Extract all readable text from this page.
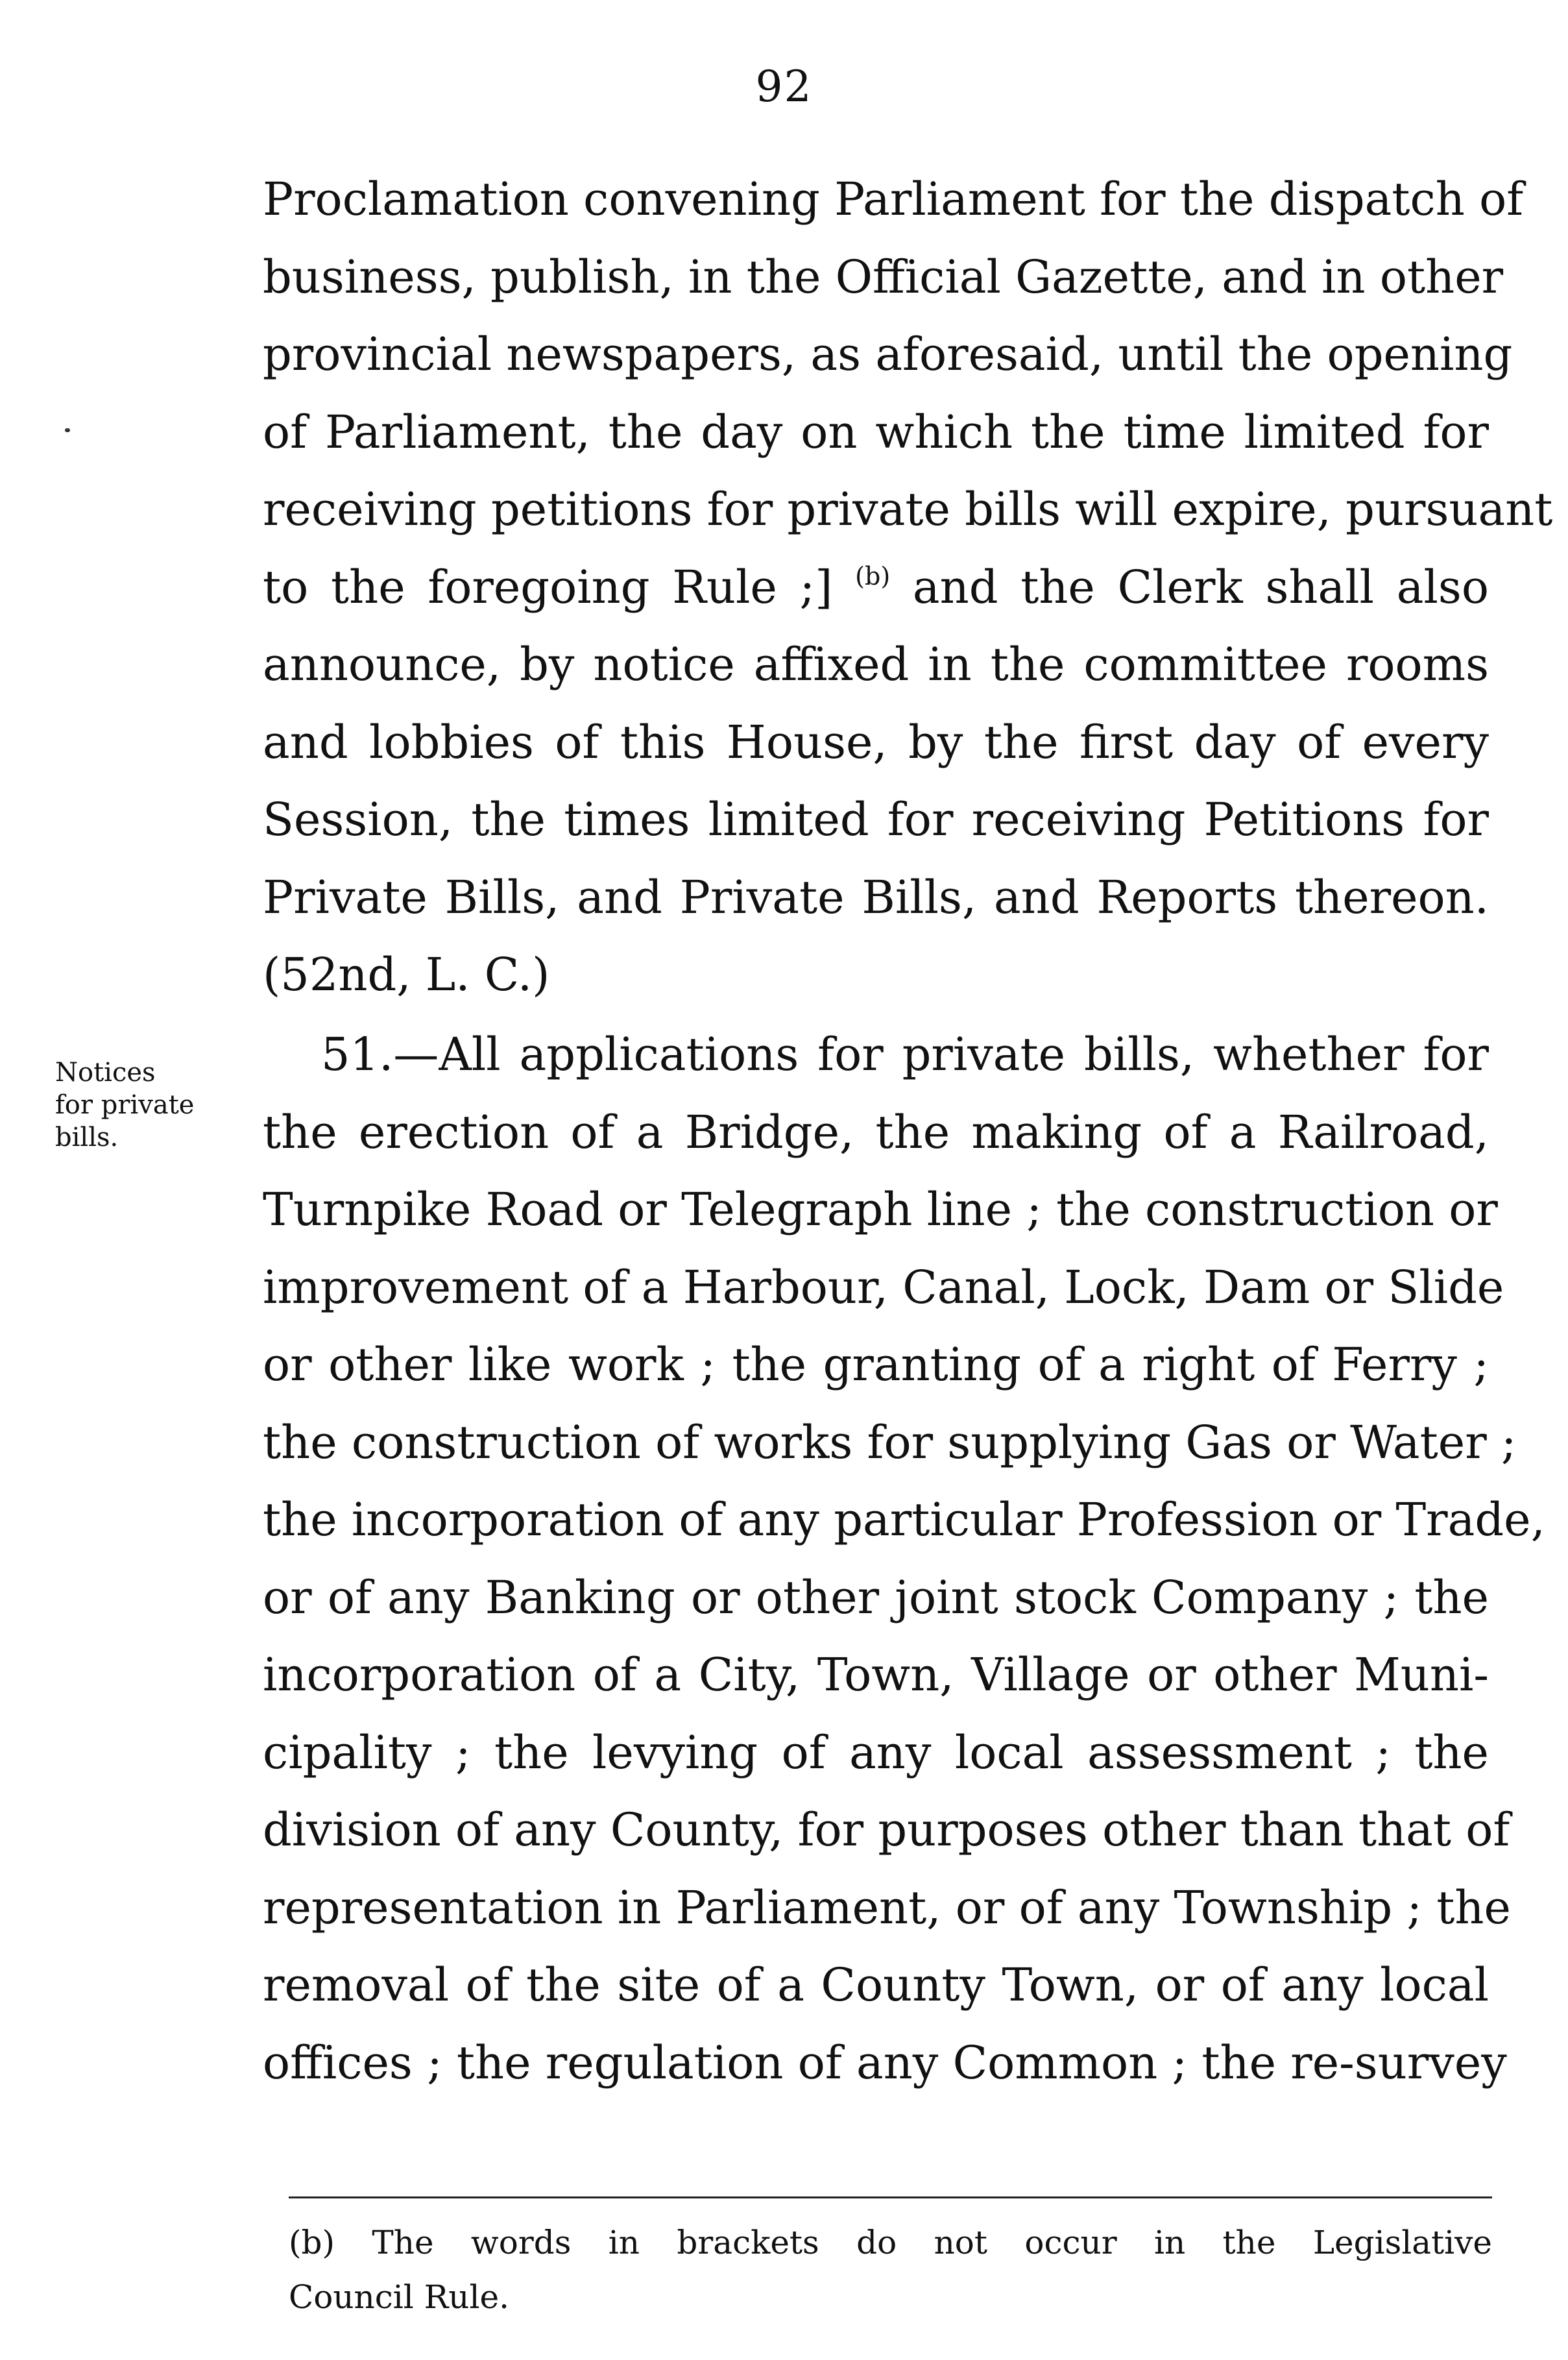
92
Proclamation convening Parliament for the dispatch of
business, publish, in the Official Gazette, and in other
provincial newspapers, as aforesaid, until the opening
of Parliament, the day on which the time limited for
receiving petitions for private bills will expire, pursuant
to the foregoing Rule ;] $^{(b)}$ and the Clerk shall also
announce, by notice affixed in the committee rooms
and lobbies of this House, by the first day of every
Session, the times limited for receiving Petitions for
Private Bills, and Private Bills, and Reports thereon.
(52nd, L. C.)
Notices
for private
bills.
51.—All applications for private bills, whether for
the erection of a Bridge, the making of a Railroad,
Turnpike Road or Telegraph line ; the construction or
improvement of a Harbour, Canal, Lock, Dam or Slide
or other like work ; the granting of a right of Ferry ;
the construction of works for supplying Gas or Water ;
the incorporation of any particular Profession or Trade,
or of any Banking or other joint stock Company ; the
incorporation of a City, Town, Village or other Muni-
cipality ; the levying of any local assessment ; the
division of any County, for purposes other than that of
representation in Parliament, or of any Township ; the
removal of the site of a County Town, or of any local
offices ; the regulation of any Common ; the re-survey
(b) The words in brackets do not occur in the Legislative
Council Rule.
